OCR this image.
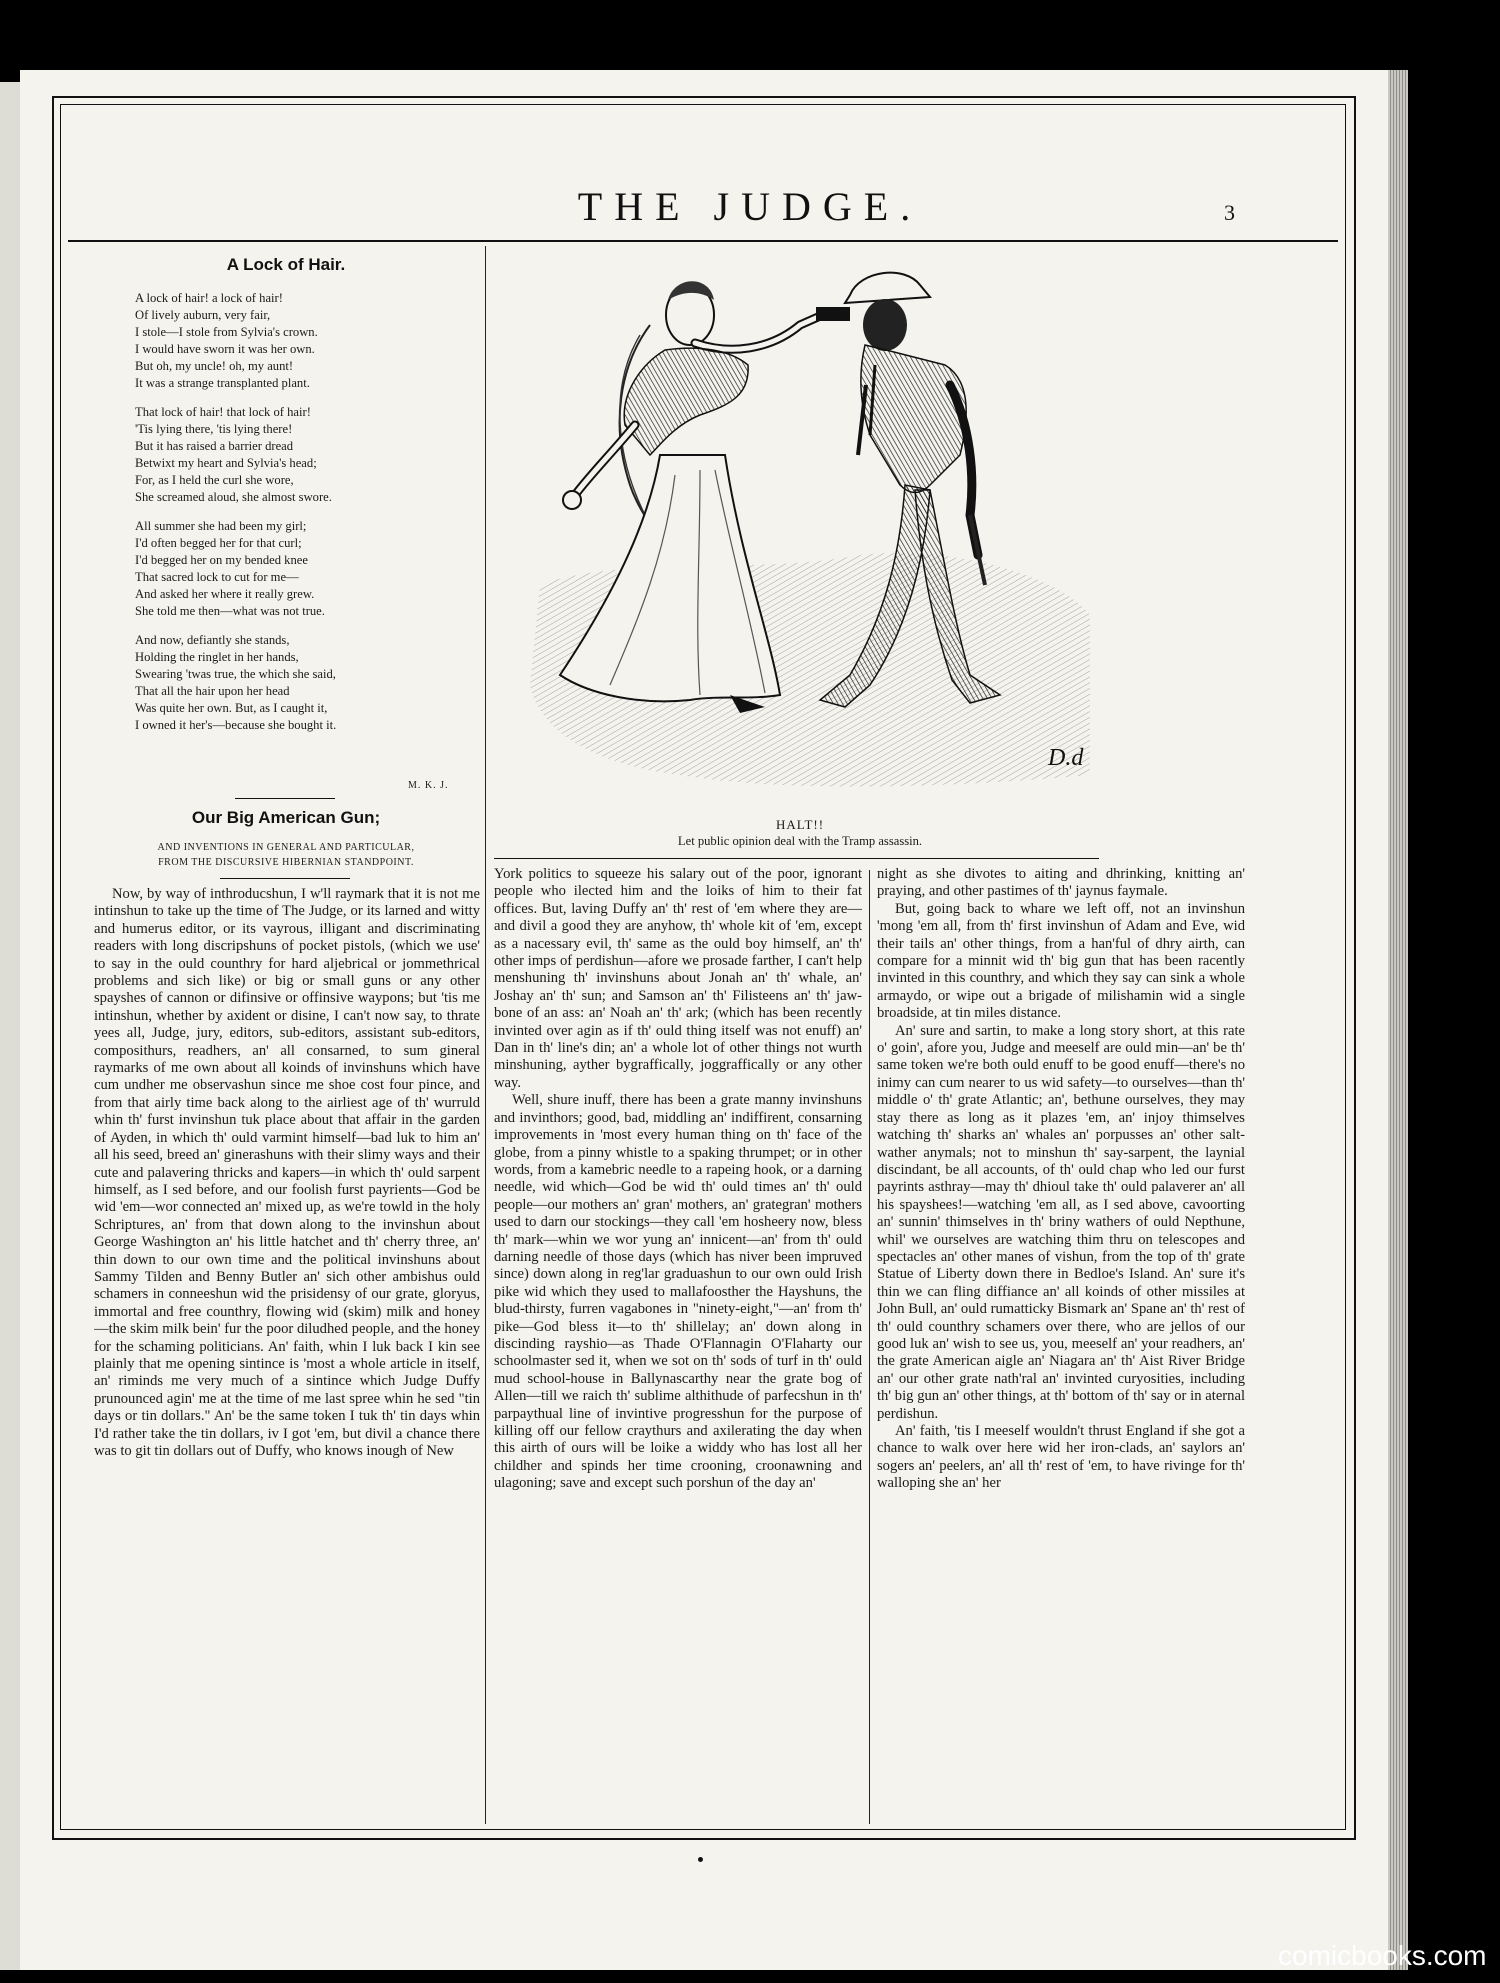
THE JUDGE.	3
A Lock of Hair.
A lock of hair! a lock of hair!
Of lively auburn, very fair,
I stole—I stole from Sylvia's crown.
I would have sworn it was her own.
But oh, my uncle! oh, my aunt!
It was a strange transplanted plant.
That lock of hair! that lock of hair!
'Tis lying there, 'tis lying there!
But it has raised a barrier dread
Betwixt my heart and Sylvia's head;
For, as I held the curl she wore,
She screamed aloud, she almost swore.
All summer she had been my girl;
I'd often begged her for that curl;
I'd begged her on my bended knee
That sacred lock to cut for me—
And asked her where it really grew.
She told me then—what was not true.
And now, defiantly she stands,
Holding the ringlet in her hands,
Swearing 'twas true, the which she said,
That all the hair upon her head
Was quite her own. But, as I caught it,
I owned it her's—because she bought it.
M. K. J.
Our Big American Gun;
AND INVENTIONS IN GENERAL AND PARTICULAR,
FROM THE DISCURSIVE HIBERNIAN STANDPOINT.

Now, by way of inthroducshun, I w'll raymark that it is not me intinshun to take up the time of The Judge, or its larned and witty and humerus editor, or its vayrous, illigant and discriminating readers with long discripshuns of pocket pistols, (which we use' to say in the ould counthry for hard aljebrical or jommethrical problems and sich like) or big or small guns or any other spayshes of cannon or difinsive or offinsive waypons; but 'tis me intinshun, whether by axident or disine, I can't now say, to thrate yees all, Judge, jury, editors, sub-editors, assistant sub-editors, composithurs, readhers, an' all consarned, to sum gineral raymarks of me own about all koinds of invinshuns which have cum undher me observashun since me shoe cost four pince, and from that airly time back along to the airliest age of th' wurruld whin th' furst invinshun tuk place about that affair in the garden of Ayden, in which th' ould varmint himself—bad luk to him an' all his seed, breed an' ginerashuns with their slimy ways and their cute and palavering thricks and kapers—in which th' ould sarpent himself, as I sed before, and our foolish furst payrients—God be wid 'em—wor connected an' mixed up, as we're towld in the holy Schriptures, an' from that down along to the invinshun about George Washington an' his little hatchet and th' cherry three, an' thin down to our own time and the political invinshuns about Sammy Tilden and Benny Butler an' sich other ambishus ould schamers in conneeshun wid the prisidensy of our grate, gloryus, immortal and free counthry, flowing wid (skim) milk and honey—the skim milk bein' fur the poor diludhed people, and the honey for the schaming politicians. An' faith, whin I luk back I kin see plainly that me opening sintince is 'most a whole article in itself, an' riminds me very much of a sintince which Judge Duffy prunounced agin' me at the time of me last spree whin he sed "tin days or tin dollars." An' be the same token I tuk th' tin days whin I'd rather take the tin dollars, iv I got 'em, but divil a chance there was to git tin dollars out of Duffy, who knows inough of New

York politics to squeeze his salary out of the poor, ignorant people who ilected him and the loiks of him to their fat offices. But, laving Duffy an' th' rest of 'em where they are—and divil a good they are anyhow, th' whole kit of 'em, except as a nacessary evil, th' same as the ould boy himself, an' th' other imps of perdishun—afore we prosade farther, I can't help menshuning th' invinshuns about Jonah an' th' whale, an' Joshay an' th' sun; and Samson an' th' Filisteens an' th' jaw-bone of an ass: an' Noah an' th' ark; (which has been recently invinted over agin as if th' ould thing itself was not enuff) an' Dan in th' line's din; an' a whole lot of other things not wurth minshuning, ayther bygraffically, joggraffically or any other way.

Well, shure inuff, there has been a grate manny invinshuns and invinthors; good, bad, middling an' indiffirent, consarning improvements in 'most every human thing on th' face of the globe, from a pinny whistle to a spaking thrumpet; or in other words, from a kamebric needle to a rapeing hook, or a darning needle, wid which—God be wid th' ould times an' th' ould people—our mothers an' gran' mothers, an' grategran' mothers used to darn our stockings—they call 'em hosheery now, bless th' mark—whin we wor yung an' innicent—an' from th' ould darning needle of those days (which has niver been impruved since) down along in reg'lar graduashun to our own ould Irish pike wid which they used to mallafoosther the Hayshuns, the blud-thirsty, furren vagabones in "ninety-eight,"—an' from th' pike—God bless it—to th' shillelay; an' down along in discinding rayshio—as Thade O'Flannagin O'Flaharty our schoolmaster sed it, when we sot on th' sods of turf in th' ould mud school-house in Ballynascarthy near the grate bog of Allen—till we raich th' sublime althithude of parfecshun in th' parpaythual line of invintive progresshun for the purpose of killing off our fellow craythurs and axilerating the day when this airth of ours will be loike a widdy who has lost all her childher and spinds her time crooning, croonawning and ulagoning; save and except such porshun of the day an'

night as she divotes to aiting and dhrinking, knitting an' praying, and other pastimes of th' jaynus faymale.

But, going back to whare we left off, not an invinshun 'mong 'em all, from th' first invinshun of Adam and Eve, wid their tails an' other things, from a han'ful of dhry airth, can compare for a minnit wid th' big gun that has been racently invinted in this counthry, and which they say can sink a whole armaydo, or wipe out a brigade of milishamin wid a single broadside, at tin miles distance.

An' sure and sartin, to make a long story short, at this rate o' goin', afore you, Judge and meeself are ould min—an' be th' same token we're both ould enuff to be good enuff—there's no inimy can cum nearer to us wid safety—to ourselves—than th' middle o' th' grate Atlantic; an', bethune ourselves, they may stay there as long as it plazes 'em, an' injoy thimselves watching th' sharks an' whales an' porpusses an' other salt-wather anymals; not to minshun th' say-sarpent, the laynial discindant, be all accounts, of th' ould chap who led our furst payrints asthray—may th' dhioul take th' ould palaverer an' all his spayshees!—watching 'em all, as I sed above, cavoorting an' sunnin' thimselves in th' briny wathers of ould Nepthune, whil' we ourselves are watching thim thru on telescopes and spectacles an' other manes of vishun, from the top of th' grate Statue of Liberty down there in Bedloe's Island. An' sure it's thin we can fling diffiance an' all koinds of other missiles at John Bull, an' ould rumatticky Bismark an' Spane an' th' rest of th' ould counthry schamers over there, who are jellos of our good luk an' wish to see us, you, meeself an' your readhers, an' the grate American aigle an' Niagara an' th' Aist River Bridge an' our other grate nath'ral an' invinted curyosities, including th' big gun an' other things, at th' bottom of th' say or in aternal perdishun.

An' faith, 'tis I meeself wouldn't thrust England if she got a chance to walk over here wid her iron-clads, an' saylors an' sogers an' peelers, an' all th' rest of 'em, to have rivinge for th' walloping she an' her

D.d
HALT!!
Let public opinion deal with the Tramp assassin.
comicbooks.com
